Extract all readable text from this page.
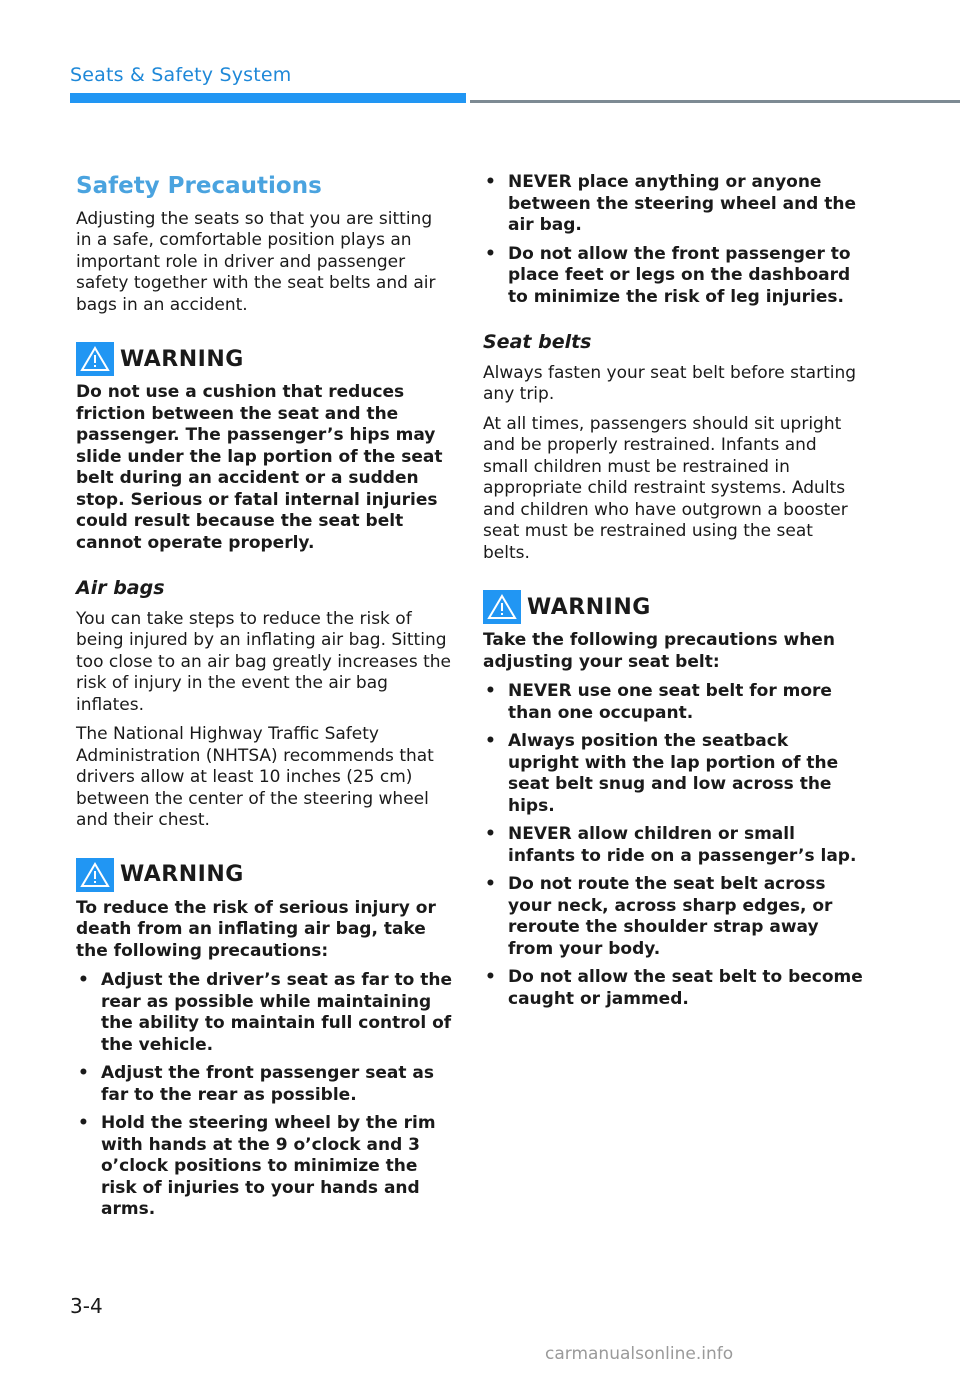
Seats & Safety System
Safety Precautions

Adjusting the seats so that you are sitting in a safe, comfortable position plays an important role in driver and passenger safety together with the seat belts and air bags in an accident.

WARNING

Do not use a cushion that reduces friction between the seat and the passenger. The passenger’s hips may slide under the lap portion of the seat belt during an accident or a sudden stop. Serious or fatal internal injuries could result because the seat belt cannot operate properly.

Air bags

You can take steps to reduce the risk of being injured by an inflating air bag. Sitting too close to an air bag greatly increases the risk of injury in the event the air bag inflates.

The National Highway Traffic Safety Administration (NHTSA) recommends that drivers allow at least 10 inches (25 cm) between the center of the steering wheel and their chest.

WARNING

To reduce the risk of serious injury or death from an inflating air bag, take the following precautions:

• Adjust the driver’s seat as far to the rear as possible while maintaining the ability to maintain full control of the vehicle.
• Adjust the front passenger seat as far to the rear as possible.
• Hold the steering wheel by the rim with hands at the 9 o’clock and 3 o’clock positions to minimize the risk of injuries to your hands and arms.
• NEVER place anything or anyone between the steering wheel and the air bag.
• Do not allow the front passenger to place feet or legs on the dashboard to minimize the risk of leg injuries.
Seat belts

Always fasten your seat belt before starting any trip.

At all times, passengers should sit upright and be properly restrained. Infants and small children must be restrained in appropriate child restraint systems. Adults and children who have outgrown a booster seat must be restrained using the seat belts.

WARNING

Take the following precautions when adjusting your seat belt:

• NEVER use one seat belt for more than one occupant.
• Always position the seatback upright with the lap portion of the seat belt snug and low across the hips.
• NEVER allow children or small infants to ride on a passenger’s lap.
• Do not route the seat belt across your neck, across sharp edges, or reroute the shoulder strap away from your body.
• Do not allow the seat belt to become caught or jammed.
3-4
carmanualsonline.info
